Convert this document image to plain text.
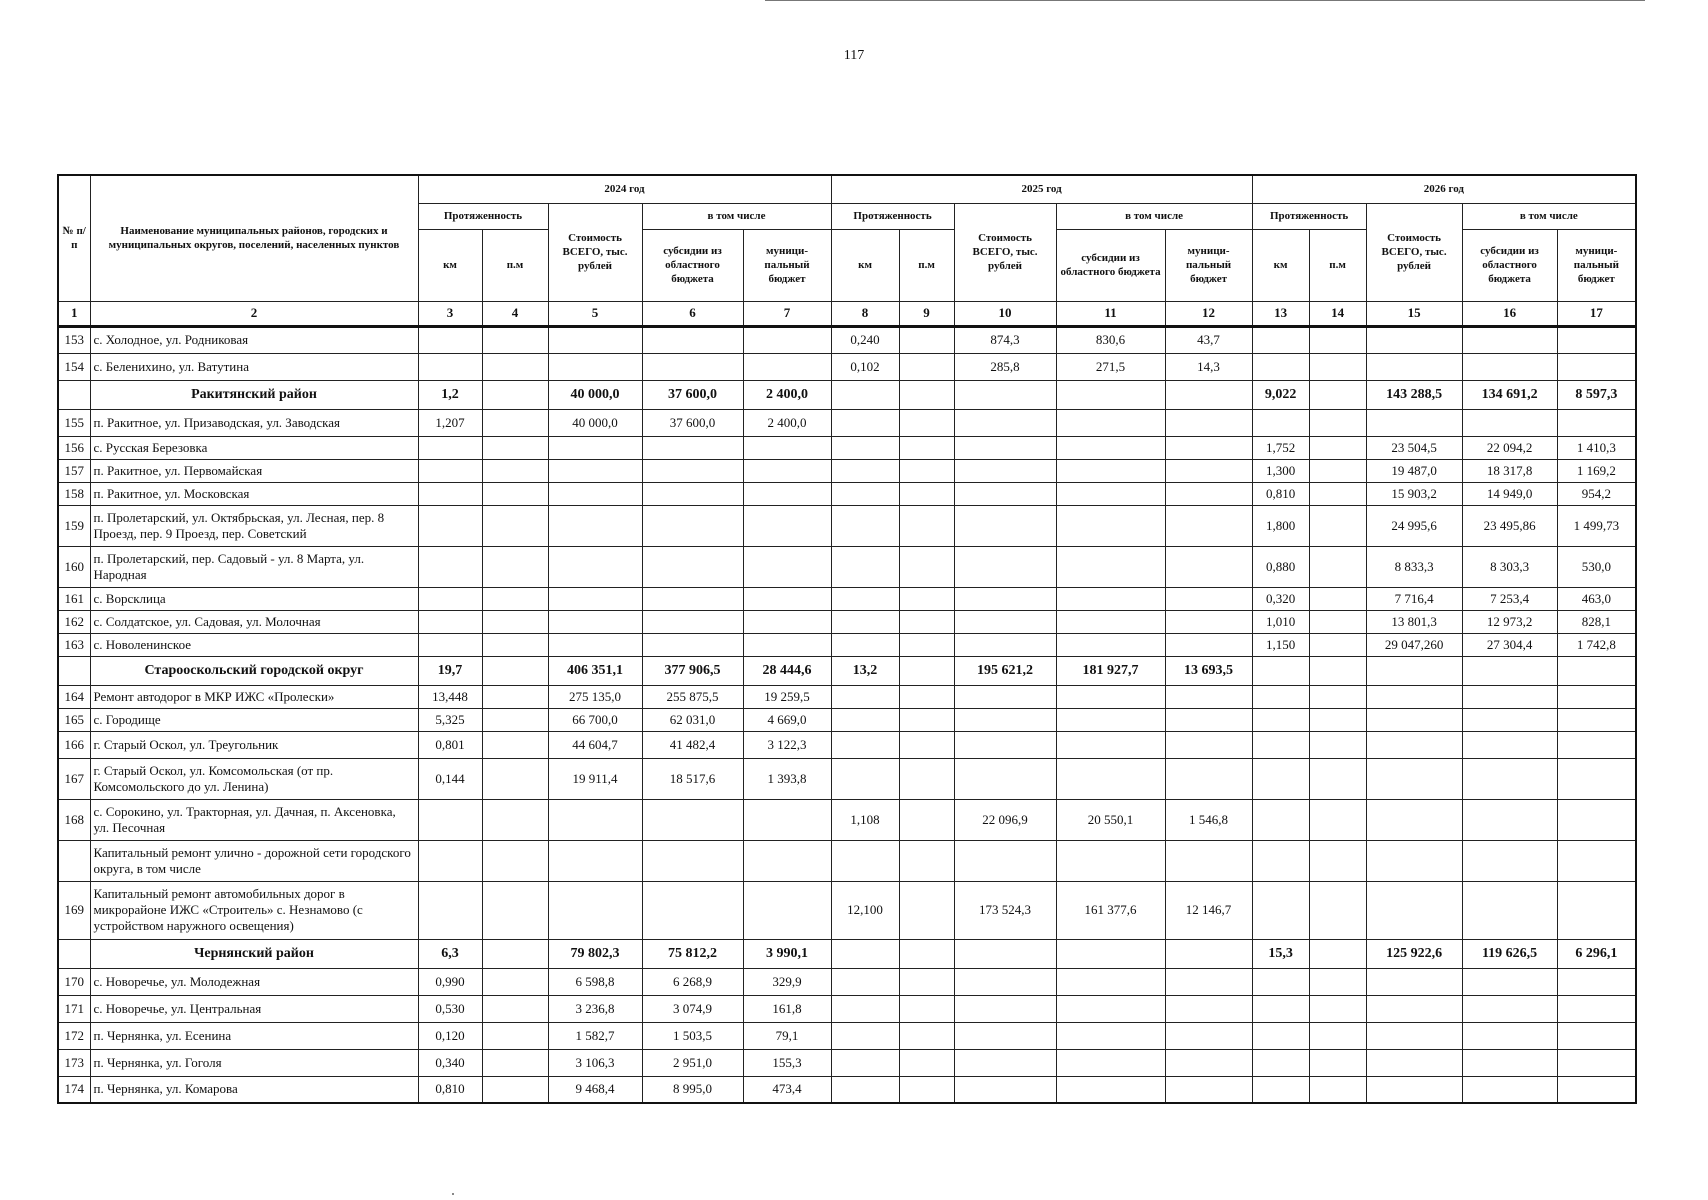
117
№ п/п	Наименование муниципальных районов, городских и муниципальных округов, поселений, населенных пунктов	2024 год					2025 год					2026 год				
		Протяженность		Стоимость ВСЕГО, тыс. рублей	в том числе		Протяженность		Стоимость ВСЕГО, тыс. рублей	в том числе		Протяженность		Стоимость ВСЕГО, тыс. рублей	в том числе	
		км	п.м		субсидии из областного бюджета	муници- пальный бюджет	км	п.м		субсидии из областного бюджета	муници- пальный бюджет	км	п.м		субсидии из областного бюджета	муници- пальный бюджет
1	2	3	4	5	6	7	8	9	10	11	12	13	14	15	16	17
153	с. Холодное, ул. Родниковая						0,240		874,3	830,6	43,7					
154	с. Беленихино, ул. Ватутина						0,102		285,8	271,5	14,3					
	Ракитянский район	1,2		40 000,0	37 600,0	2 400,0						9,022		143 288,5	134 691,2	8 597,3
155	п. Ракитное, ул. Призаводская, ул. Заводская	1,207		40 000,0	37 600,0	2 400,0										
156	с. Русская Березовка											1,752		23 504,5	22 094,2	1 410,3
157	п. Ракитное, ул. Первомайская											1,300		19 487,0	18 317,8	1 169,2
158	п. Ракитное, ул. Московская											0,810		15 903,2	14 949,0	954,2
159	п. Пролетарский, ул. Октябрьская, ул. Лесная, пер. 8 Проезд, пер. 9 Проезд, пер. Советский											1,800		24 995,6	23 495,86	1 499,73
160	п. Пролетарский, пер. Садовый - ул. 8 Марта, ул. Народная											0,880		8 833,3	8 303,3	530,0
161	с. Ворсклица											0,320		7 716,4	7 253,4	463,0
162	с. Солдатское, ул. Садовая, ул. Молочная											1,010		13 801,3	12 973,2	828,1
163	с. Новоленинское											1,150		29 047,260	27 304,4	1 742,8
	Старооскольский городской округ	19,7		406 351,1	377 906,5	28 444,6	13,2		195 621,2	181 927,7	13 693,5					
164	Ремонт автодорог в МКР ИЖС «Пролески»	13,448		275 135,0	255 875,5	19 259,5										
165	с. Городище	5,325		66 700,0	62 031,0	4 669,0										
166	г. Старый Оскол, ул. Треугольник	0,801		44 604,7	41 482,4	3 122,3										
167	г. Старый Оскол, ул. Комсомольская (от пр. Комсомольского до ул. Ленина)	0,144		19 911,4	18 517,6	1 393,8										
168	с. Сорокино, ул. Тракторная, ул. Дачная, п. Аксеновка, ул. Песочная						1,108		22 096,9	20 550,1	1 546,8					
	Капитальный ремонт улично - дорожной сети городского округа, в том числе															
169	Капитальный ремонт автомобильных дорог в микрорайоне ИЖС «Строитель» с. Незнамово (с устройством наружного освещения)						12,100		173 524,3	161 377,6	12 146,7					
	Чернянский район	6,3		79 802,3	75 812,2	3 990,1						15,3		125 922,6	119 626,5	6 296,1
170	с. Новоречье, ул. Молодежная	0,990		6 598,8	6 268,9	329,9										
171	с. Новоречье, ул. Центральная	0,530		3 236,8	3 074,9	161,8										
172	п. Чернянка, ул. Есенина	0,120		1 582,7	1 503,5	79,1										
173	п. Чернянка, ул. Гоголя	0,340		3 106,3	2 951,0	155,3										
174	п. Чернянка, ул. Комарова	0,810		9 468,4	8 995,0	473,4										
